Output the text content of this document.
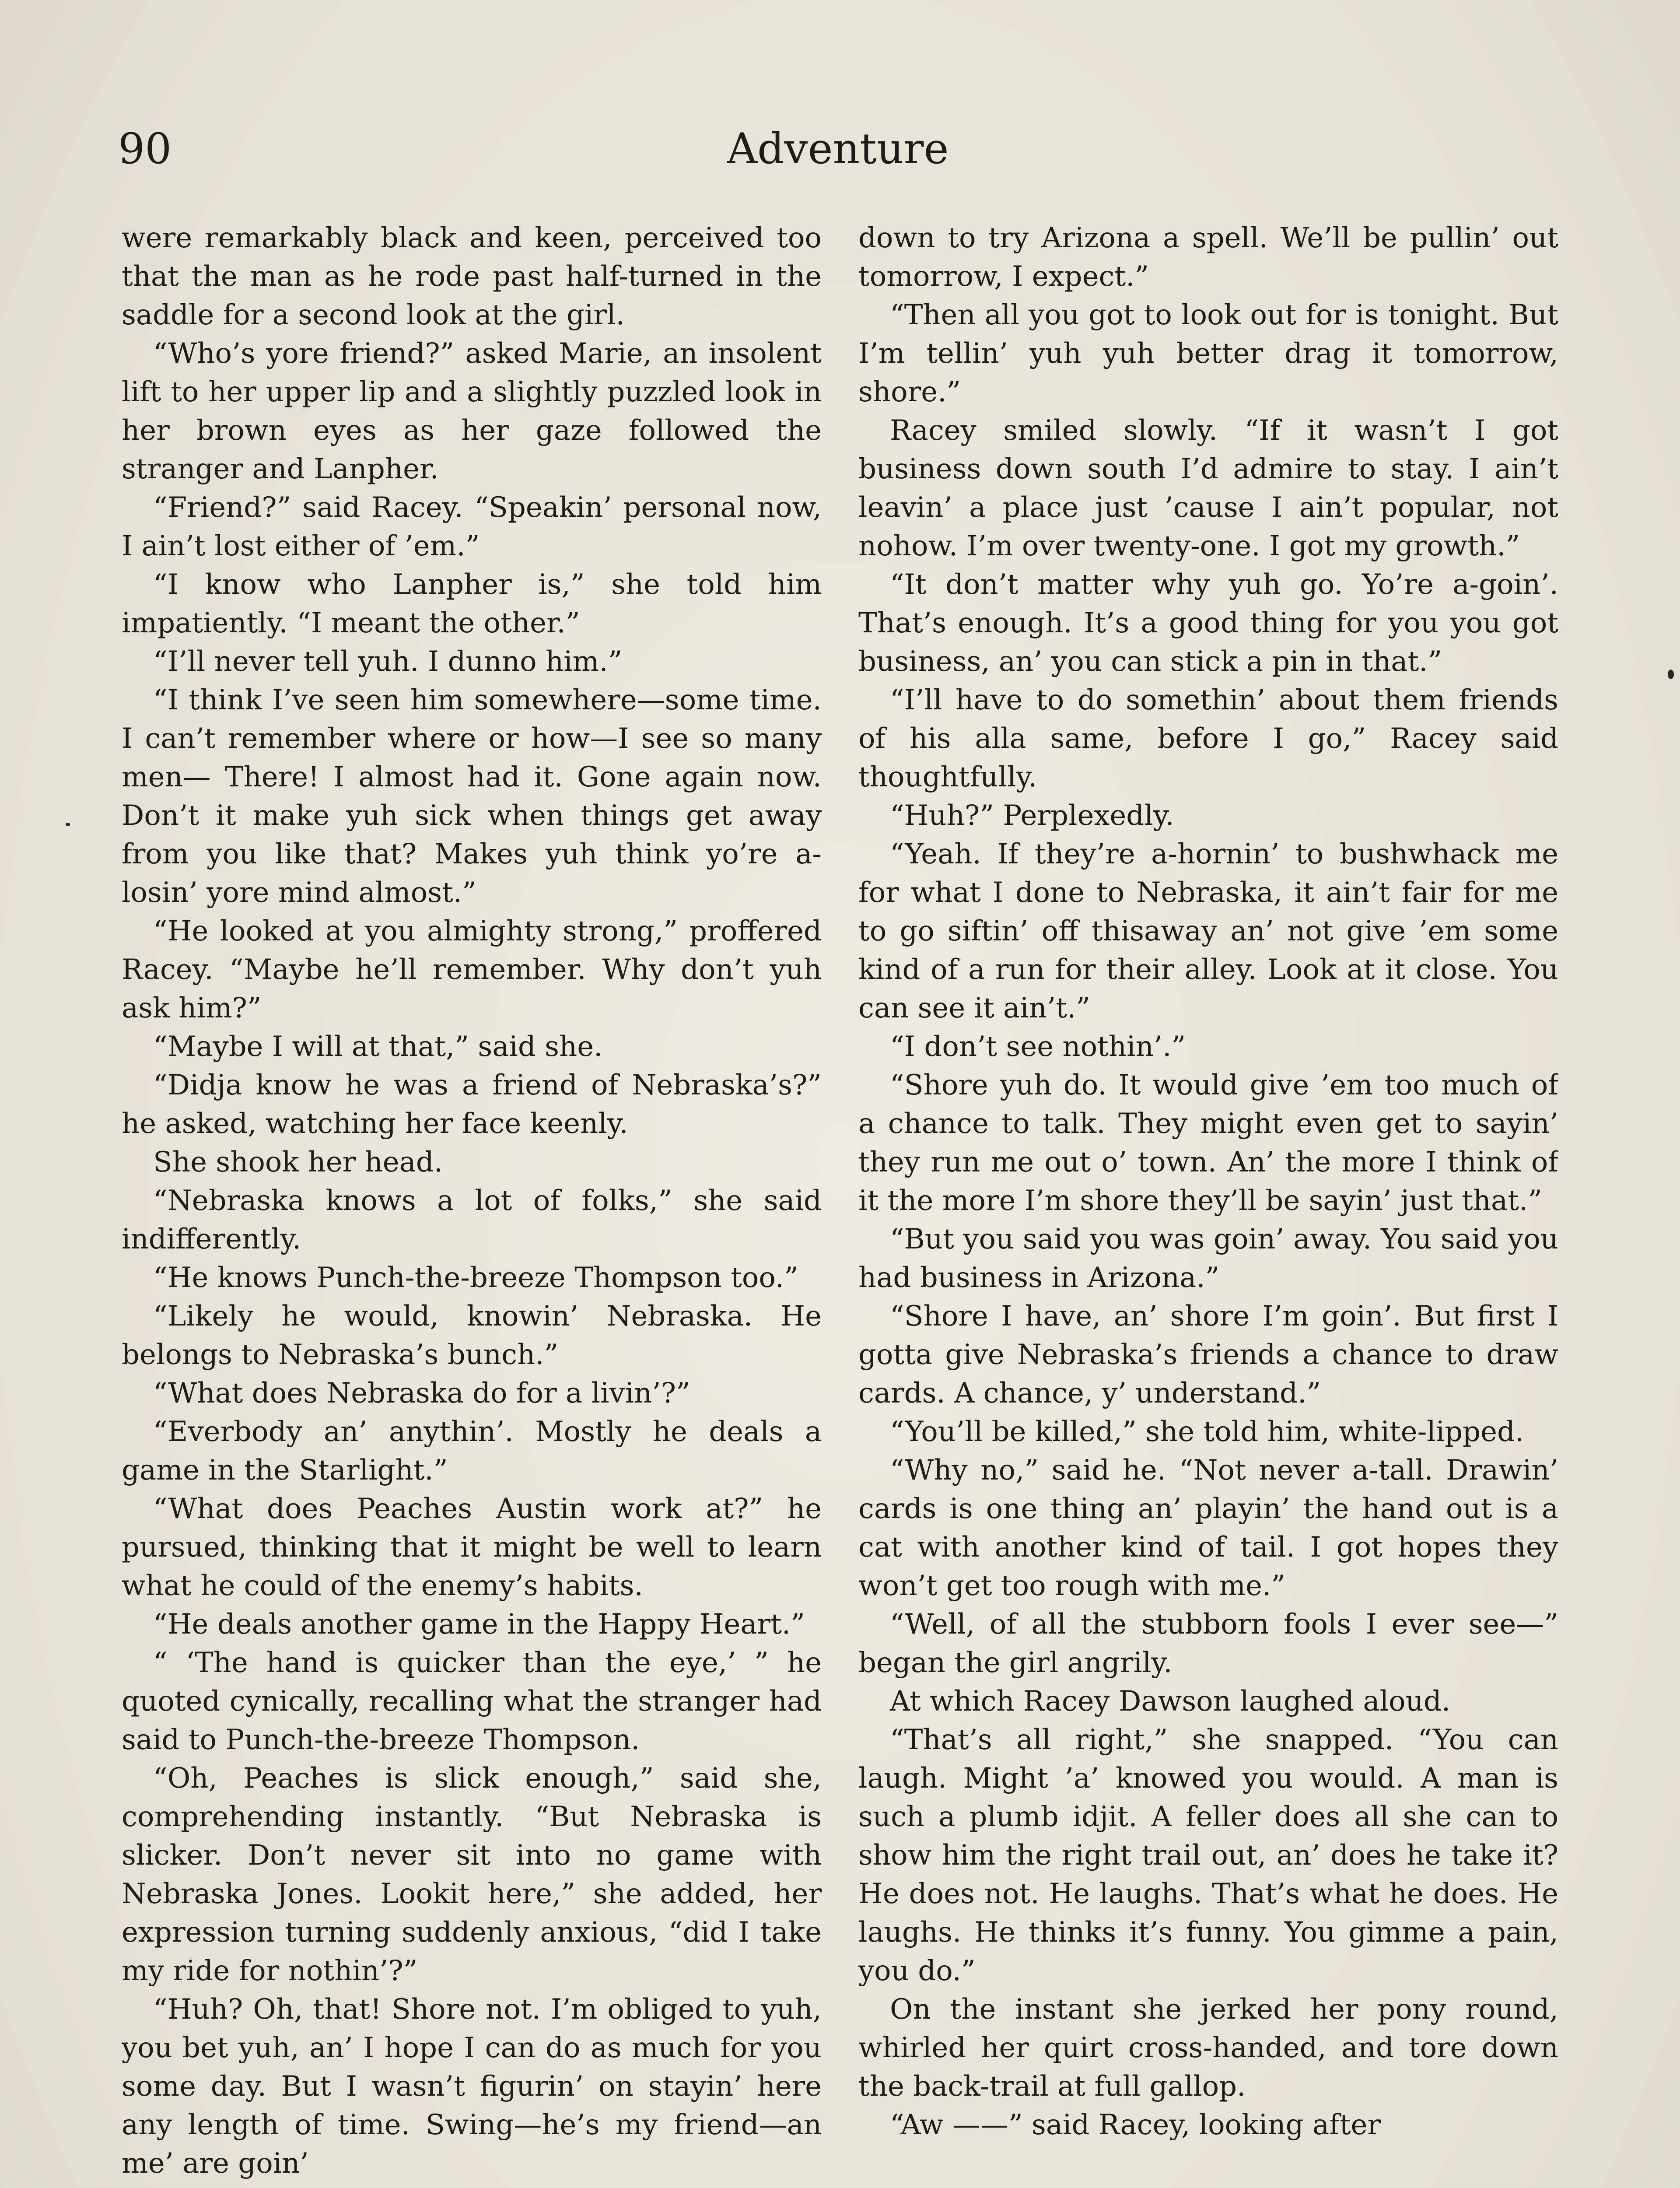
90	Adventure

were remarkably black and keen, perceived too that the man as he rode past half-turned in the saddle for a second look at the girl.

“Who’s yore friend?” asked Marie, an insolent lift to her upper lip and a slightly puzzled look in her brown eyes as her gaze followed the stranger and Lanpher.

“Friend?” said Racey. “Speakin’ personal now, I ain’t lost either of ’em.”

“I know who Lanpher is,” she told him impatiently. “I meant the other.”

“I’ll never tell yuh. I dunno him.”

“I think I’ve seen him somewhere—some time. I can’t remember where or how—I see so many men— There! I almost had it. Gone again now. Don’t it make yuh sick when things get away from you like that? Makes yuh think yo’re a-losin’ yore mind almost.”

“He looked at you almighty strong,” proffered Racey. “Maybe he’ll remember. Why don’t yuh ask him?”

“Maybe I will at that,” said she.

“Didja know he was a friend of Nebraska’s?” he asked, watching her face keenly.

She shook her head.

“Nebraska knows a lot of folks,” she said indifferently.

“He knows Punch-the-breeze Thompson too.”

“Likely he would, knowin’ Nebraska. He belongs to Nebraska’s bunch.”

“What does Nebraska do for a livin’?”

“Everbody an’ anythin’. Mostly he deals a game in the Starlight.”

“What does Peaches Austin work at?” he pursued, thinking that it might be well to learn what he could of the enemy’s habits.

“He deals another game in the Happy Heart.”

“ ‘The hand is quicker than the eye,’ ” he quoted cynically, recalling what the stranger had said to Punch-the-breeze Thompson.

“Oh, Peaches is slick enough,” said she, comprehending instantly. “But Nebraska is slicker. Don’t never sit into no game with Nebraska Jones. Lookit here,” she added, her expression turning suddenly anxious, “did I take my ride for nothin’?”

“Huh? Oh, that! Shore not. I’m obliged to yuh, you bet yuh, an’ I hope I can do as much for you some day. But I wasn’t figurin’ on stayin’ here any length of time. Swing—he’s my friend—an me’ are goin’

down to try Arizona a spell. We’ll be pullin’ out tomorrow, I expect.”

“Then all you got to look out for is tonight. But I’m tellin’ yuh yuh better drag it tomorrow, shore.”

Racey smiled slowly. “If it wasn’t I got business down south I’d admire to stay. I ain’t leavin’ a place just ’cause I ain’t popular, not nohow. I’m over twenty-one. I got my growth.”

“It don’t matter why yuh go. Yo’re a-goin’. That’s enough. It’s a good thing for you you got business, an’ you can stick a pin in that.”

“I’ll have to do somethin’ about them friends of his alla same, before I go,” Racey said thoughtfully.

“Huh?” Perplexedly.

“Yeah. If they’re a-hornin’ to bushwhack me for what I done to Nebraska, it ain’t fair for me to go siftin’ off thisaway an’ not give ’em some kind of a run for their alley. Look at it close. You can see it ain’t.”

“I don’t see nothin’.”

“Shore yuh do. It would give ’em too much of a chance to talk. They might even get to sayin’ they run me out o’ town. An’ the more I think of it the more I’m shore they’ll be sayin’ just that.”

“But you said you was goin’ away. You said you had business in Arizona.”

“Shore I have, an’ shore I’m goin’. But first I gotta give Nebraska’s friends a chance to draw cards. A chance, y’ understand.”

“You’ll be killed,” she told him, white-lipped.

“Why no,” said he. “Not never a-tall. Drawin’ cards is one thing an’ playin’ the hand out is a cat with another kind of tail. I got hopes they won’t get too rough with me.”

“Well, of all the stubborn fools I ever see—” began the girl angrily.

At which Racey Dawson laughed aloud.

“That’s all right,” she snapped. “You can laugh. Might ’a’ knowed you would. A man is such a plumb idjit. A feller does all she can to show him the right trail out, an’ does he take it? He does not. He laughs. That’s what he does. He laughs. He thinks it’s funny. You gimme a pain, you do.”

On the instant she jerked her pony round, whirled her quirt cross-handed, and tore down the back-trail at full gallop.

“Aw ——” said Racey, looking after
